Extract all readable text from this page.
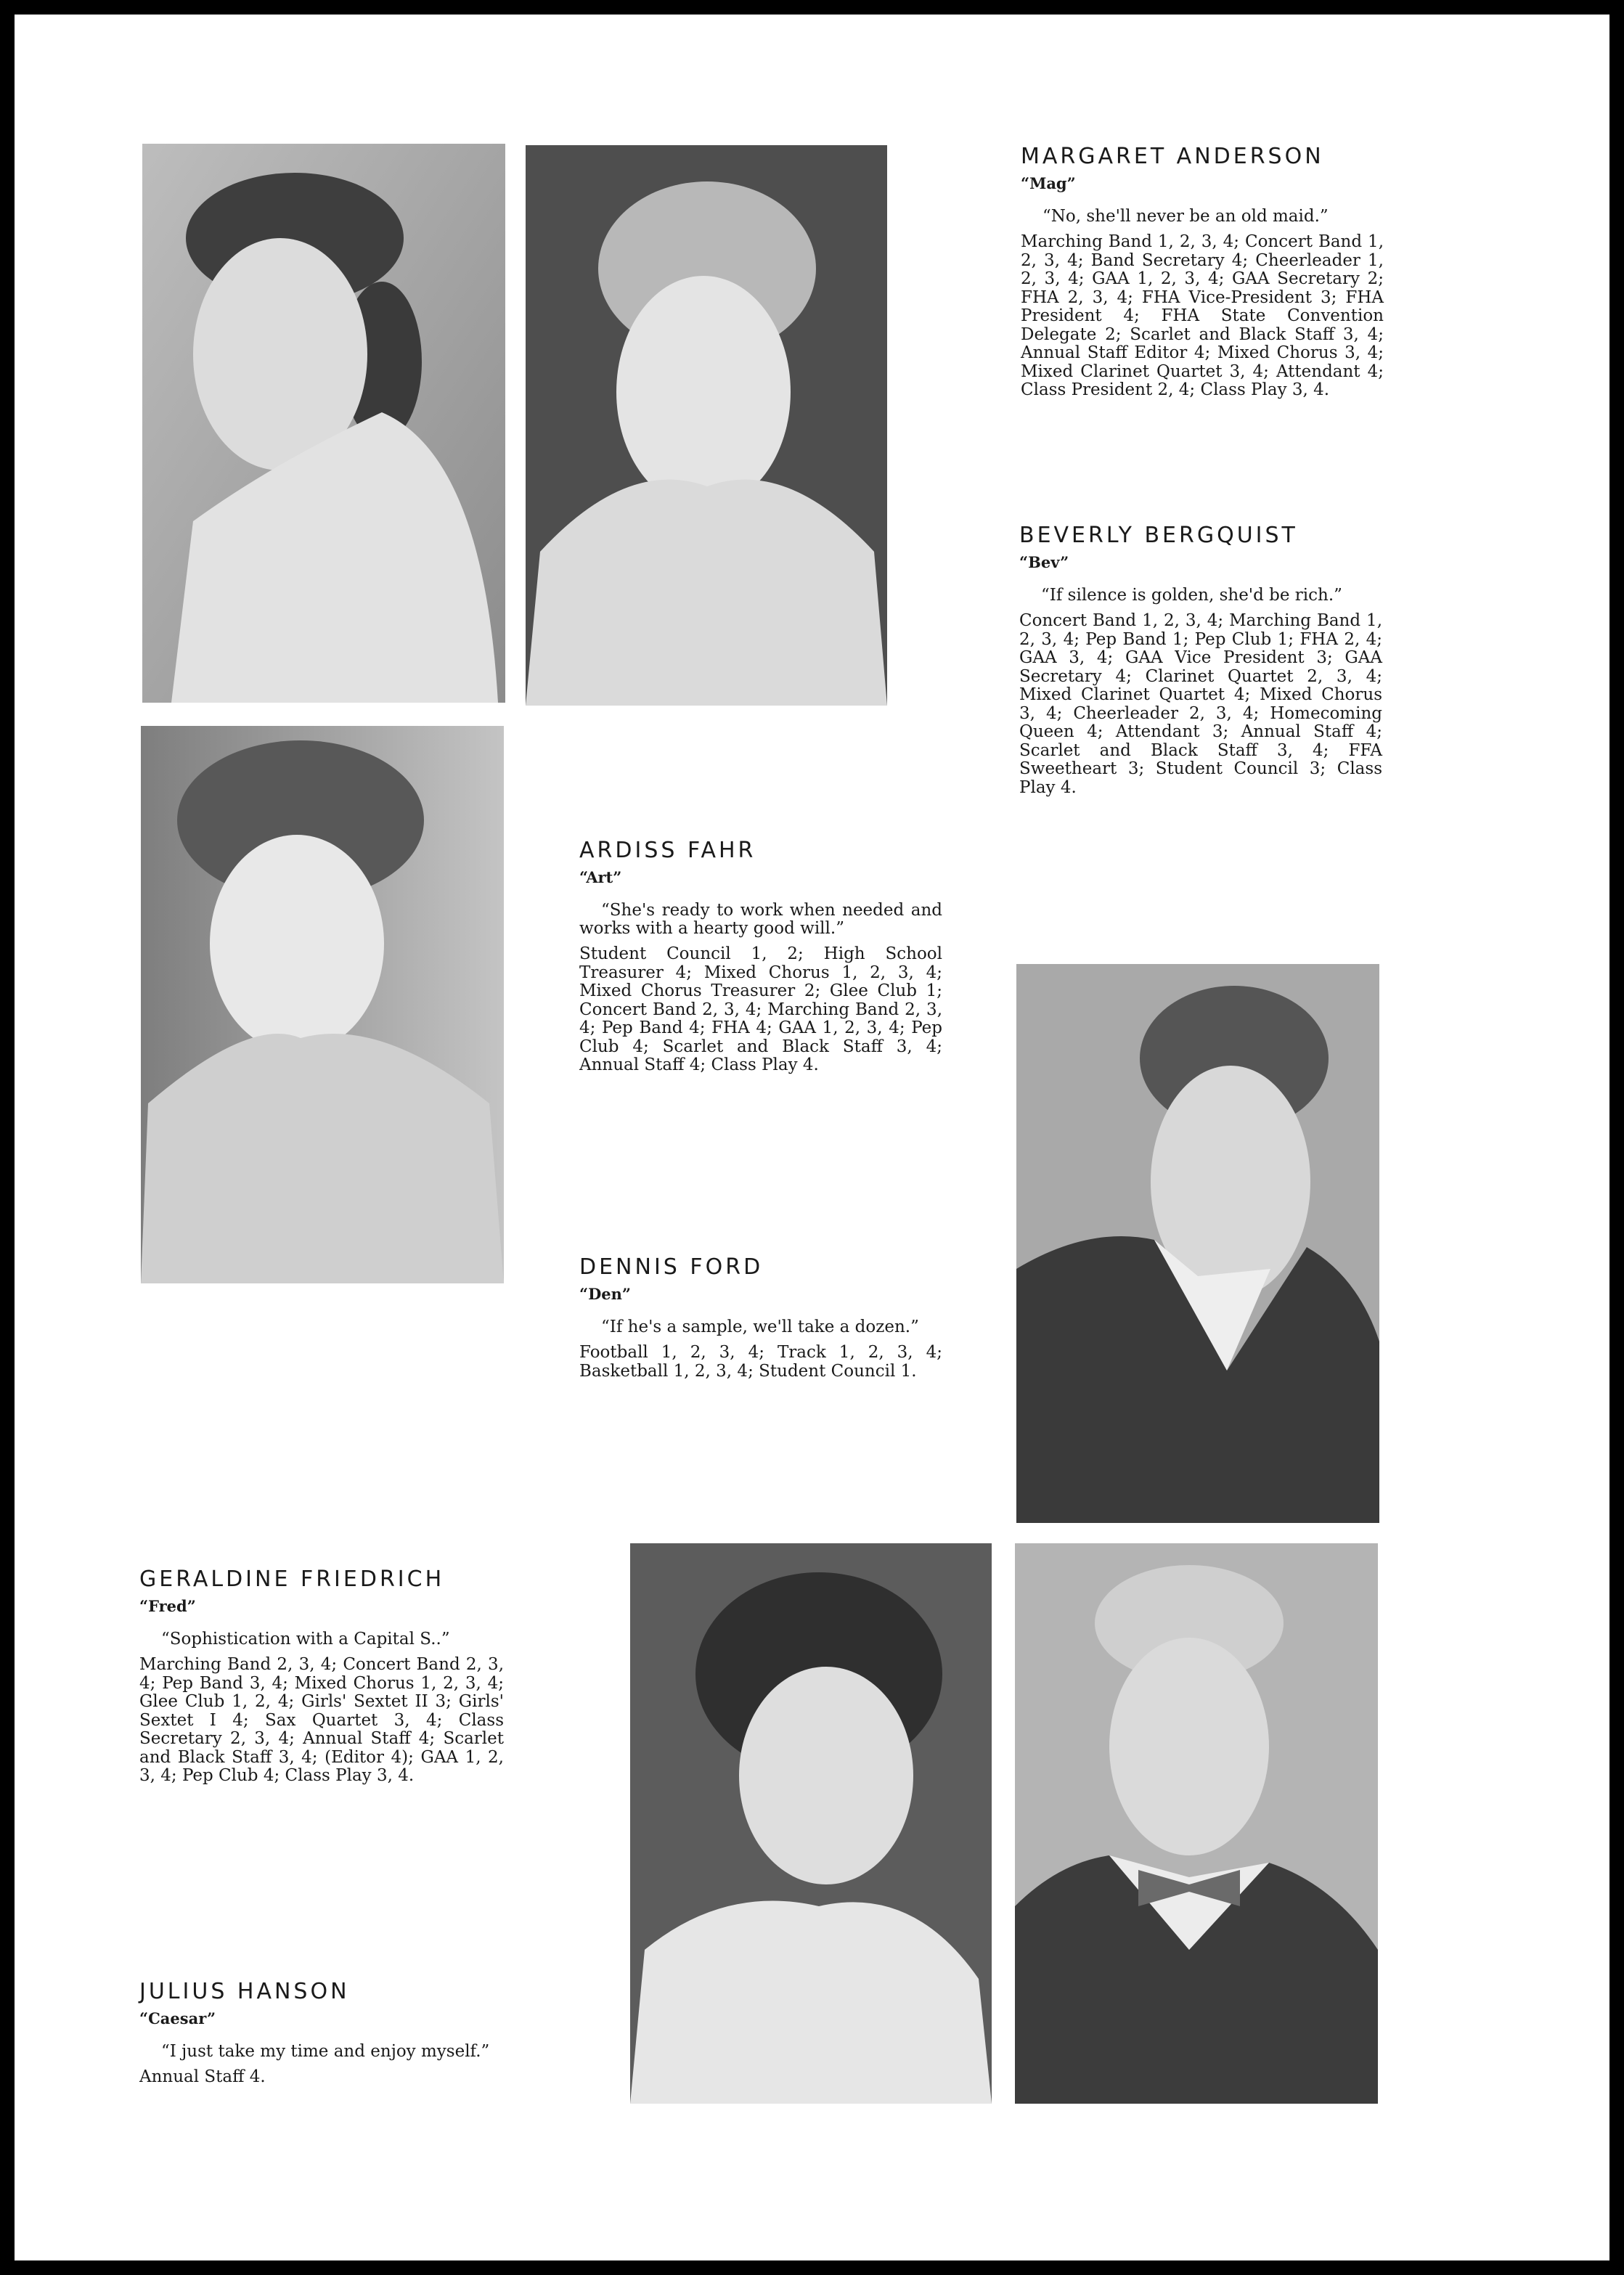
MARGARET ANDERSON
“Mag”
“No, she'll never be an old maid.”
Marching Band 1, 2, 3, 4; Concert Band 1, 2, 3, 4; Band Secretary 4; Cheerleader 1, 2, 3, 4; GAA 1, 2, 3, 4; GAA Secretary 2; FHA 2, 3, 4; FHA Vice-President 3; FHA President 4; FHA State Convention Delegate 2; Scarlet and Black Staff 3, 4; Annual Staff Editor 4; Mixed Chorus 3, 4; Mixed Clarinet Quartet 3, 4; Attendant 4; Class President 2, 4; Class Play 3, 4.
BEVERLY BERGQUIST
“Bev”
“If silence is golden, she'd be rich.”
Concert Band 1, 2, 3, 4; Marching Band 1, 2, 3, 4; Pep Band 1; Pep Club 1; FHA 2, 4; GAA 3, 4; GAA Vice President 3; GAA Secretary 4; Clarinet Quartet 2, 3, 4; Mixed Clarinet Quartet 4; Mixed Chorus 3, 4; Cheerleader 2, 3, 4; Homecoming Queen 4; Attendant 3; Annual Staff 4; Scarlet and Black Staff 3, 4; FFA Sweetheart 3; Student Council 3; Class Play 4.
ARDISS FAHR
“Art”
“She's ready to work when needed and works with a hearty good will.”
Student Council 1, 2; High School Treasurer 4; Mixed Chorus 1, 2, 3, 4; Mixed Chorus Treasurer 2; Glee Club 1; Concert Band 2, 3, 4; Marching Band 2, 3, 4; Pep Band 4; FHA 4; GAA 1, 2, 3, 4; Pep Club 4; Scarlet and Black Staff 3, 4; Annual Staff 4; Class Play 4.
DENNIS FORD
“Den”
“If he's a sample, we'll take a dozen.”
Football 1, 2, 3, 4; Track 1, 2, 3, 4; Basketball 1, 2, 3, 4; Student Council 1.
GERALDINE FRIEDRICH
“Fred”
“Sophistication with a Capital S..”
Marching Band 2, 3, 4; Concert Band 2, 3, 4; Pep Band 3, 4; Mixed Chorus 1, 2, 3, 4; Glee Club 1, 2, 4; Girls' Sextet II 3; Girls' Sextet I 4; Sax Quartet 3, 4; Class Secretary 2, 3, 4; Annual Staff 4; Scarlet and Black Staff 3, 4; (Editor 4); GAA 1, 2, 3, 4; Pep Club 4; Class Play 3, 4.
JULIUS HANSON
“Caesar”
“I just take my time and enjoy myself.”
Annual Staff 4.
